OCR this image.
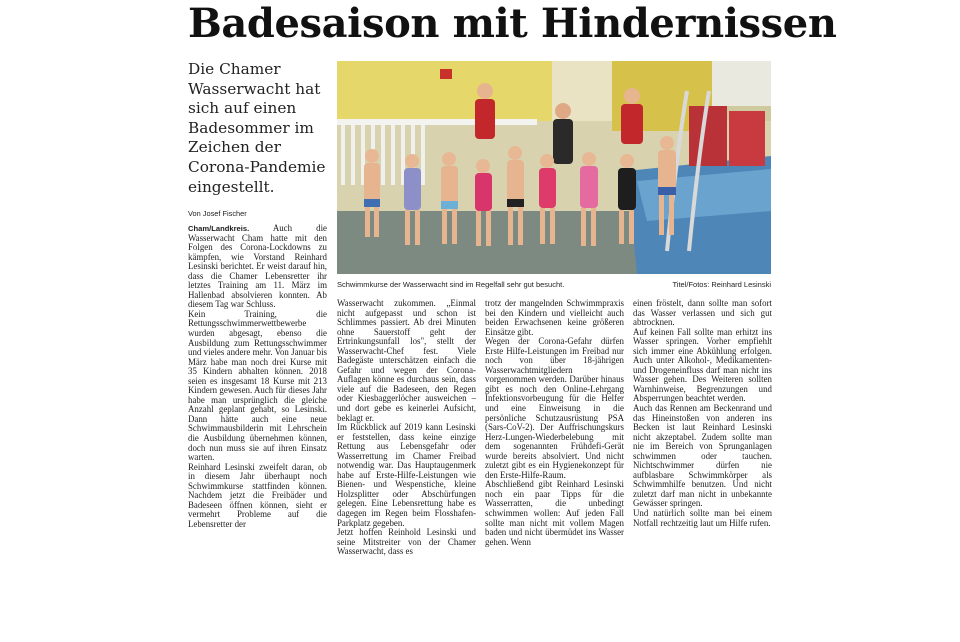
Badesaison mit Hindernissen

Die Chamer Wasserwacht hat sich auf einen Badesommer im Zeichen der Corona-Pandemie eingestellt.

Von Josef Fischer

Schwimmkurse der Wasserwacht sind im Regelfall sehr gut besucht.	Titel/Fotos: Reinhard Lesinski

Cham/Landkreis.	Auch die Wasserwacht Cham hatte mit den Folgen des Corona-Lockdowns zu kämpfen, wie Vorstand Reinhard Lesinski berichtet. Er weist darauf hin, dass die Chamer Lebensretter ihr letztes Training am 11. März im Hallenbad absolvieren konnten. Ab diesem Tag war Schluss.

Kein Training, die Rettungsschwimmerwettbewerbe wurden abgesagt, ebenso die Ausbildung zum Rettungsschwimmer und vieles andere mehr. Von Januar bis März habe man noch drei Kurse mit 35 Kindern abhalten können. 2018 seien es insgesamt 18 Kurse mit 213 Kindern gewesen. Auch für dieses Jahr habe man ursprünglich die gleiche Anzahl geplant gehabt, so Lesinski. Dann hätte auch eine neue Schwimmausbilderin mit Lehrschein die Ausbildung übernehmen können, doch nun muss sie auf ihren Einsatz warten.

Reinhard Lesinski zweifelt daran, ob in diesem Jahr überhaupt noch Schwimmkurse stattfinden können. Nachdem jetzt die Freibäder und Badeseen öffnen können, sieht er vermehrt Probleme auf die Lebensretter der

Wasserwacht zukommen. „Einmal nicht aufgepasst und schon ist Schlimmes passiert. Ab drei Minuten ohne Sauerstoff geht der Ertrinkungsunfall los", stellt der Wasserwacht-Chef fest. Viele Badegäste unterschätzen einfach die Gefahr und wegen der Corona-Auflagen könne es durchaus sein, dass viele auf die Badeseen, den Regen oder Kiesbaggerlöcher ausweichen – und dort gebe es keinerlei Aufsicht, beklagt er.

Im Rückblick auf 2019 kann Lesinski er feststellen, dass keine einzige Rettung aus Lebensgefahr oder Wasserrettung im Chamer Freibad notwendig war. Das Hauptaugenmerk habe auf Erste-Hilfe-Leistungen wie Bienen- und Wespenstiche, kleine Holzsplitter oder Abschürfungen gelegen. Eine Lebensrettung habe es dagegen im Regen beim Flosshafen-Parkplatz gegeben.

Jetzt hoffen Reinhold Lesinski und seine Mitstreiter von der Chamer Wasserwacht, dass es

trotz der mangelnden Schwimmpraxis bei den Kindern und vielleicht auch beiden Erwachsenen keine größeren Einsätze gibt.

Wegen der Corona-Gefahr dürfen Erste Hilfe-Leistungen im Freibad nur noch von über 18-jährigen Wasserwachtmitgliedern vorgenommen werden. Darüber hinaus gibt es noch den Online-Lehrgang Infektionsvorbeugung für die Helfer und eine Einweisung in die persönliche Schutzausrüstung PSA (Sars-CoV-2). Der Auffrischungskurs Herz-Lungen-Wiederbelebung mit dem sogenannten Frühdefi-Gerät wurde bereits absolviert. Und nicht zuletzt gibt es ein Hygienekonzept für den Erste-Hilfe-Raum.

Abschließend gibt Reinhard Lesinski noch ein paar Tipps für die Wasserratten, die unbedingt schwimmen wollen: Auf jeden Fall sollte man nicht mit vollem Magen baden und nicht übermüdet ins Wasser gehen. Wenn

einen fröstelt, dann sollte man sofort das Wasser verlassen und sich gut abtrocknen.

Auf keinen Fall sollte man erhitzt ins Wasser springen. Vorher empfiehlt sich immer eine Abkühlung erfolgen. Auch unter Alkohol-, Medikamenten- und Drogeneinfluss darf man nicht ins Wasser gehen. Des Weiteren sollten Warnhinweise, Begrenzungen und Absperrungen beachtet werden.

Auch das Rennen am Beckenrand und das Hineinstoßen von anderen ins Becken ist laut Reinhard Lesinski nicht akzeptabel. Zudem sollte man nie im Bereich von Sprunganlagen schwimmen oder tauchen. Nichtschwimmer dürfen nie aufblasbare Schwimmkörper als Schwimmhilfe benutzen. Und nicht zuletzt darf man nicht in unbekannte Gewässer springen.

Und natürlich sollte man bei einem Notfall rechtzeitig laut um Hilfe rufen.
